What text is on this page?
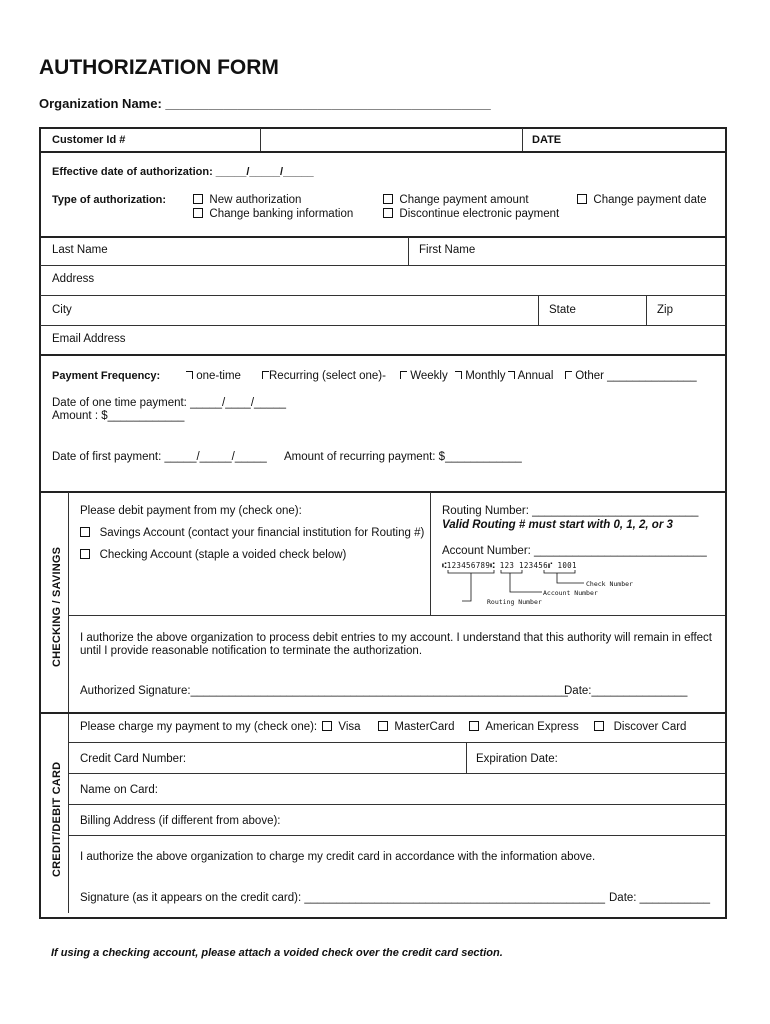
AUTHORIZATION FORM
Organization Name: _____________________________________________
Customer Id #	DATE
Effective date of authorization: _____/_____/_____
Type of authorization:	New authorization
Change banking information
Change payment amount
Discontinue electronic payment
Change payment date
Last Name	First Name
Address
City	State	Zip
Email Address
Payment Frequency:	one-time	Recurring (select one)-	Weekly	Monthly	Annual	Other ______________
Date of one time payment: _____/____/_____
Amount : $____________
Date of first payment: _____/_____/_____ Amount of recurring payment: $____________
CHECKING / SAVINGS
Please debit payment from my (check one):
Savings Account (contact your financial institution for Routing #)
Checking Account (staple a voided check below)
Routing Number: __________________________
Valid Routing # must start with 0, 1, 2, or 3
Account Number: ___________________________
⑆123456789⑆ 123 123456⑈ 1001
Check Number
Account Number
Routing Number
I authorize the above organization to process debit entries to my account. I understand that this authority will remain in effect
until I provide reasonable notification to terminate the authorization.
Authorized Signature:___________________________________________________________
Date:_______________
CREDIT/DEBIT CARD
Please charge my payment to my (check one):	Visa	MasterCard	American Express	Discover Card
Credit Card Number:	Expiration Date:
Name on Card:
Billing Address (if different from above):
I authorize the above organization to charge my credit card in accordance with the information above.
Signature (as it appears on the credit card): _______________________________________________ Date: ___________
If using a checking account, please attach a voided check over the credit card section.
